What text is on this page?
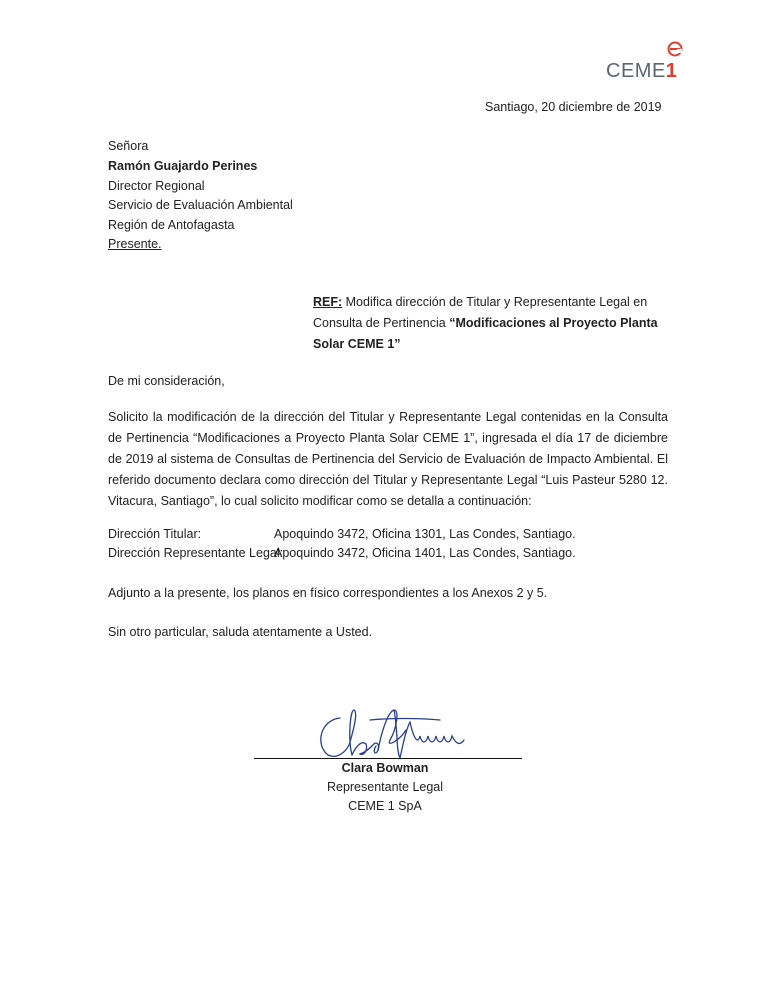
CEME1
Santiago, 20 diciembre de 2019
Señora
Ramón Guajardo Perines
Director Regional
Servicio de Evaluación Ambiental
Región de Antofagasta
Presente.
REF: Modifica dirección de Titular y Representante Legal en Consulta de Pertinencia “Modificaciones al Proyecto Planta Solar CEME 1”
De mi consideración,
Solicito la modificación de la dirección del Titular y Representante Legal contenidas en la Consulta de Pertinencia “Modificaciones a Proyecto Planta Solar CEME 1”, ingresada el día 17 de diciembre de 2019 al sistema de Consultas de Pertinencia del Servicio de Evaluación de Impacto Ambiental. El referido documento declara como dirección del Titular y Representante Legal “Luis Pasteur 5280 12. Vitacura, Santiago”, lo cual solicito modificar como se detalla a continuación:
Dirección Titular:	Apoquindo 3472, Oficina 1301, Las Condes, Santiago.
Dirección Representante Legal:Apoquindo 3472, Oficina 1401, Las Condes, Santiago.
Adjunto a la presente, los planos en físico correspondientes a los Anexos 2 y 5.
Sin otro particular, saluda atentamente a Usted.
Clara Bowman
Representante Legal
CEME 1 SpA
